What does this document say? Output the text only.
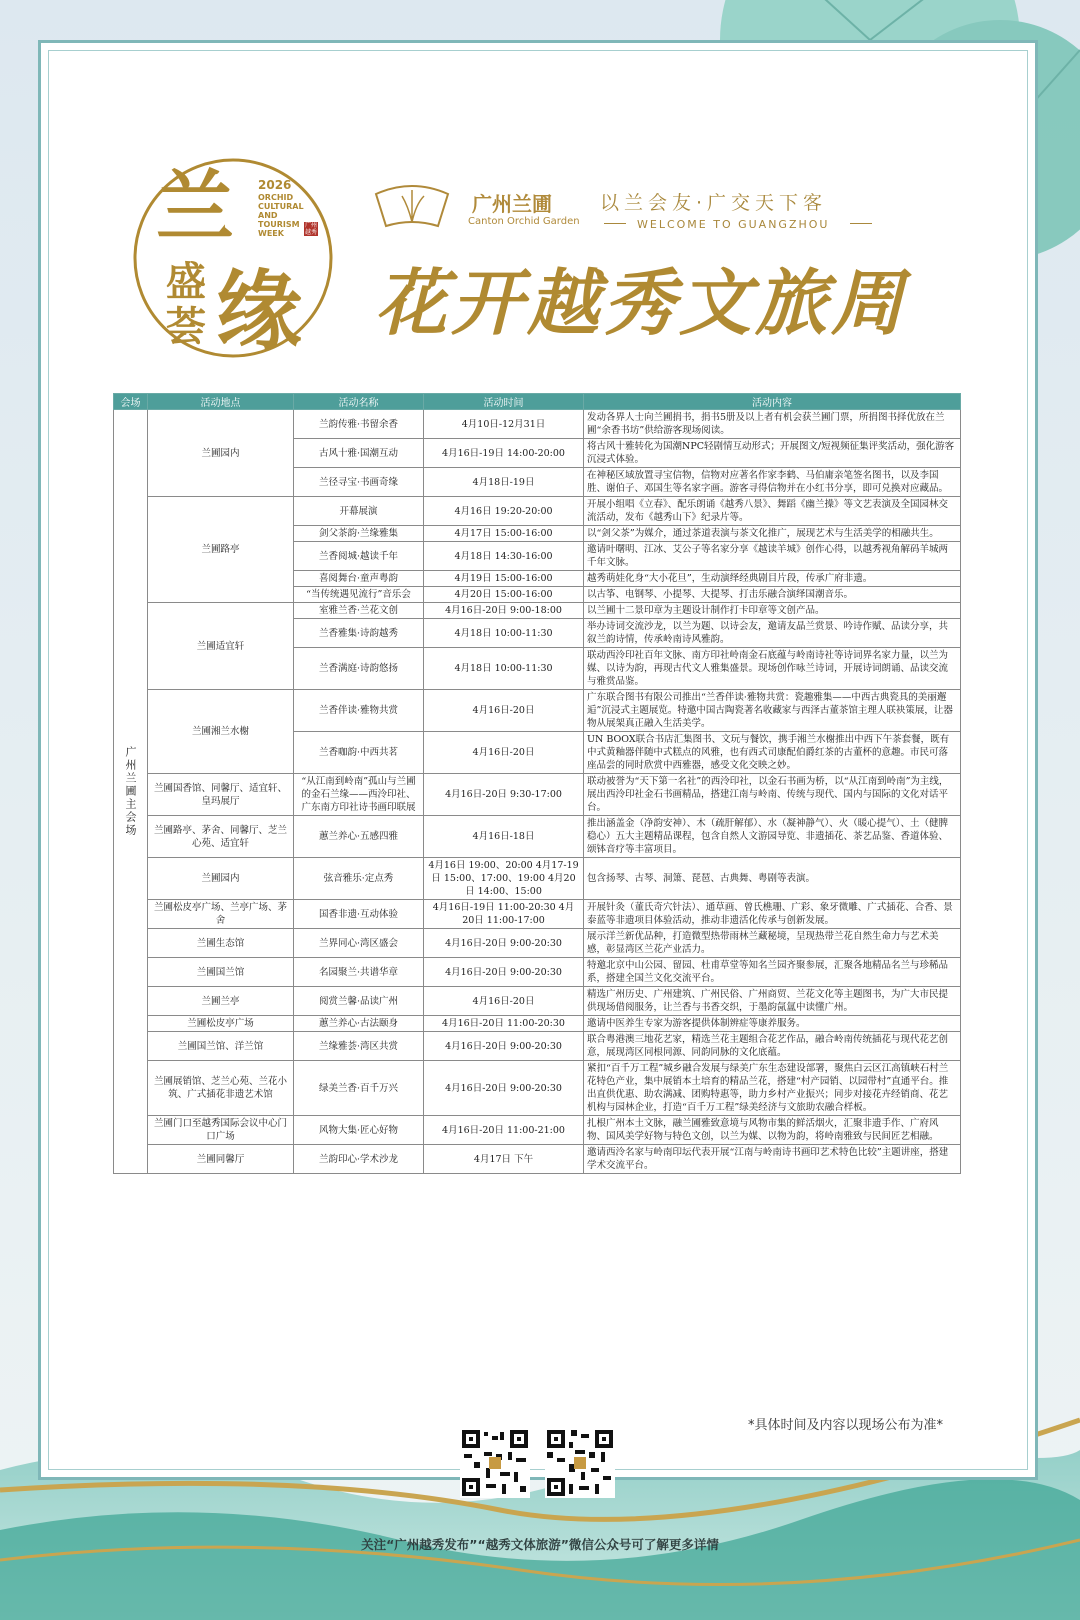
兰
盛
荟 缘
2026
ORCHID
CULTURAL
AND
TOURISM
WEEK
广州越秀
广州兰圃
Canton Orchid Garden
以兰会友·广交天下客
WELCOME TO GUANGZHOU
花开越秀文旅周
会场	活动地点	活动名称	活动时间	活动内容
广州兰圃主会场	兰圃园内	兰韵传雅·书留余香	4月10日-12月31日	发动各界人士向兰圃捐书，捐书5册及以上者有机会获兰圃门票，所捐图书择优放在兰圃“余香书坊”供给游客现场阅读。
		古风十雅·国潮互动	4月16日-19日 14:00-20:00	将古风十雅转化为国潮NPC轻剧情互动形式；开展图文/短视频征集评奖活动，强化游客沉浸式体验。
		兰径寻宝·书画奇缘	4月18日-19日	在神秘区域放置寻宝信物，信物对应著名作家李鹤、马伯庸亲笔签名图书，以及李国胜、谢伯子、邓国生等名家字画。游客寻得信物并在小红书分享，即可兑换对应藏品。
	兰圃路亭	开幕展演	4月16日 19:20-20:00	开展小组唱《立春》、配乐朗诵《越秀八景》、舞蹈《幽兰操》等文艺表演及全国园林交流活动，发布《越秀山下》纪录片等。
		剑父茶韵·兰缘雅集	4月17日 15:00-16:00	以“剑父茶”为媒介，通过茶道表演与茶文化推广，展现艺术与生活美学的相融共生。
		兰香阅城·越读千年	4月18日 14:30-16:00	邀请叶曙明、江冰、艾公子等名家分享《越读羊城》创作心得，以越秀视角解码羊城两千年文脉。
		喜阅舞台·童声粤韵	4月19日 15:00-16:00	越秀萌娃化身“大小花旦”，生动演绎经典剧目片段，传承广府非遗。
		“当传统遇见流行”音乐会	4月20日 15:00-16:00	以古筝、电钢琴、小提琴、大提琴、打击乐融合演绎国潮音乐。
	兰圃适宜轩	室雅兰香·兰花文创	4月16日-20日 9:00-18:00	以兰圃十二景印章为主题设计制作打卡印章等文创产品。
		兰香雅集·诗韵越秀	4月18日 10:00-11:30	举办诗词交流沙龙，以兰为题、以诗会友，邀请友晶兰赏景、吟诗作赋、品读分享，共叙兰韵诗情，传承岭南诗风雅韵。
		兰香满庭·诗韵悠扬	4月18日 10:00-11:30	联动西泠印社百年文脉、南方印社岭南金石底蕴与岭南诗社等诗词界名家力量，以兰为媒、以诗为韵，再现古代文人雅集盛景。现场创作咏兰诗词，开展诗词朗诵、品读交流与雅赏品鉴。
	兰圃湘兰水榭	兰香伴读·雅物共赏	4月16日-20日	广东联合图书有限公司推出“兰香伴读·雅物共赏：瓷趣雅集——中西古典瓷具的美丽邂逅”沉浸式主题展览。特邀中国古陶瓷著名收藏家与西泽古董茶馆主理人联袂策展，让器物从展架真正融入生活美学。
		兰香咖韵·中西共茗	4月16日-20日	UN BOOX联合书店汇集图书、文玩与餐饮，携手湘兰水榭推出中西下午茶套餐，既有中式黄釉器伴随中式糕点的风雅，也有西式司康配伯爵红茶的古董杯的意趣。市民可落座品尝的同时欣赏中西雅器，感受文化交映之妙。
	兰圃国香馆、同馨厅、适宜轩、皇玛展厅	“从江南到岭南”孤山与兰圃的金石兰缘——西泠印社、广东南方印社诗书画印联展	4月16日-20日 9:30-17:00	联动被誉为“天下第一名社”的西泠印社，以金石书画为桥，以“从江南到岭南”为主线，展出西泠印社金石书画精品，搭建江南与岭南、传统与现代、国内与国际的文化对话平台。
	兰圃路亭、茅舍、同馨厅、芝兰心苑、适宜轩	蕙兰养心·五感四雅	4月16日-18日	推出涵盖金（净韵安神）、木（疏肝解郁）、水（凝神静气）、火（暖心提气）、土（健脾稳心）五大主题精品课程，包含自然人文游园导览、非遗插花、茶艺品鉴、香道体验、颂钵音疗等丰富项目。
	兰圃园内	弦音雅乐·定点秀	4月16日 19:00、20:00 4月17-19日 15:00、17:00、19:00 4月20日 14:00、15:00	包含扬琴、古琴、洞箫、琵琶、古典舞、粤剧等表演。
	兰圃松皮亭广场、兰亭广场、茅舍	国香非遗·互动体验	4月16日-19日 11:00-20:30 4月20日 11:00-17:00	开展针灸（董氏奇穴针法）、通草画、曾氏樵珊、广彩、象牙微雕、广式插花、合香、景泰蓝等非遗项目体验活动，推动非遗活化传承与创新发展。
	兰圃生态馆	兰界同心·湾区盛会	4月16日-20日 9:00-20:30	展示洋兰新优品种，打造微型热带雨林兰藏秘境，呈现热带兰花自然生命力与艺术美感，彰显湾区兰花产业活力。
	兰圃国兰馆	名园聚兰·共谱华章	4月16日-20日 9:00-20:30	特邀北京中山公园、留园、杜甫草堂等知名兰园齐聚参展，汇聚各地精品名兰与珍稀品系，搭建全国兰文化交流平台。
	兰圃兰亭	阅赏兰馨·品读广州	4月16日-20日	精选广州历史、广州建筑、广州民俗、广州商贸、兰花文化等主题图书，为广大市民提供现场借阅服务，让兰香与书香交织，于墨韵氤氲中读懂广州。
	兰圃松皮亭广场	蕙兰养心·古法颐身	4月16日-20日 11:00-20:30	邀请中医养生专家为游客提供体制辨症等康养服务。
	兰圃国兰馆、洋兰馆	兰缘雅荟·湾区共赏	4月16日-20日 9:00-20:30	联合粤港澳三地花艺家，精选兰花主题组合花艺作品，融合岭南传统插花与现代花艺创意，展现湾区同根同源、同韵同脉的文化底蕴。
	兰圃展销馆、芝兰心苑、兰花小筑、广式插花非遗艺术馆	绿美兰香·百千万兴	4月16日-20日 9:00-20:30	紧扣“百千万工程”城乡融合发展与绿美广东生态建设部署，聚焦白云区江高镇峡石村兰花特色产业，集中展销本土培育的精品兰花，搭建“村产园销、以园带村”直通平台。推出直供优惠、助农满减、团购特惠等，助力乡村产业振兴；同步对接花卉经销商、花艺机构与园林企业，打造“百千万工程”绿美经济与文旅助农融合样板。
	兰圃门口至越秀国际会议中心门口广场	风物大集·匠心好物	4月16日-20日 11:00-21:00	扎根广州本土文脉，融兰圃雅致意境与风物市集的鲜活烟火，汇聚非遗手作、广府风物、国风美学好物与特色文创，以兰为媒、以物为韵，将岭南雅致与民间匠艺相融。
	兰圃同馨厅	兰韵印心·学术沙龙	4月17日 下午	邀请西泠名家与岭南印坛代表开展“江南与岭南诗书画印艺术特色比较”主题讲座，搭建学术交流平台。
*具体时间及内容以现场公布为准*
关注“广州越秀发布”“越秀文体旅游”微信公众号可了解更多详情
